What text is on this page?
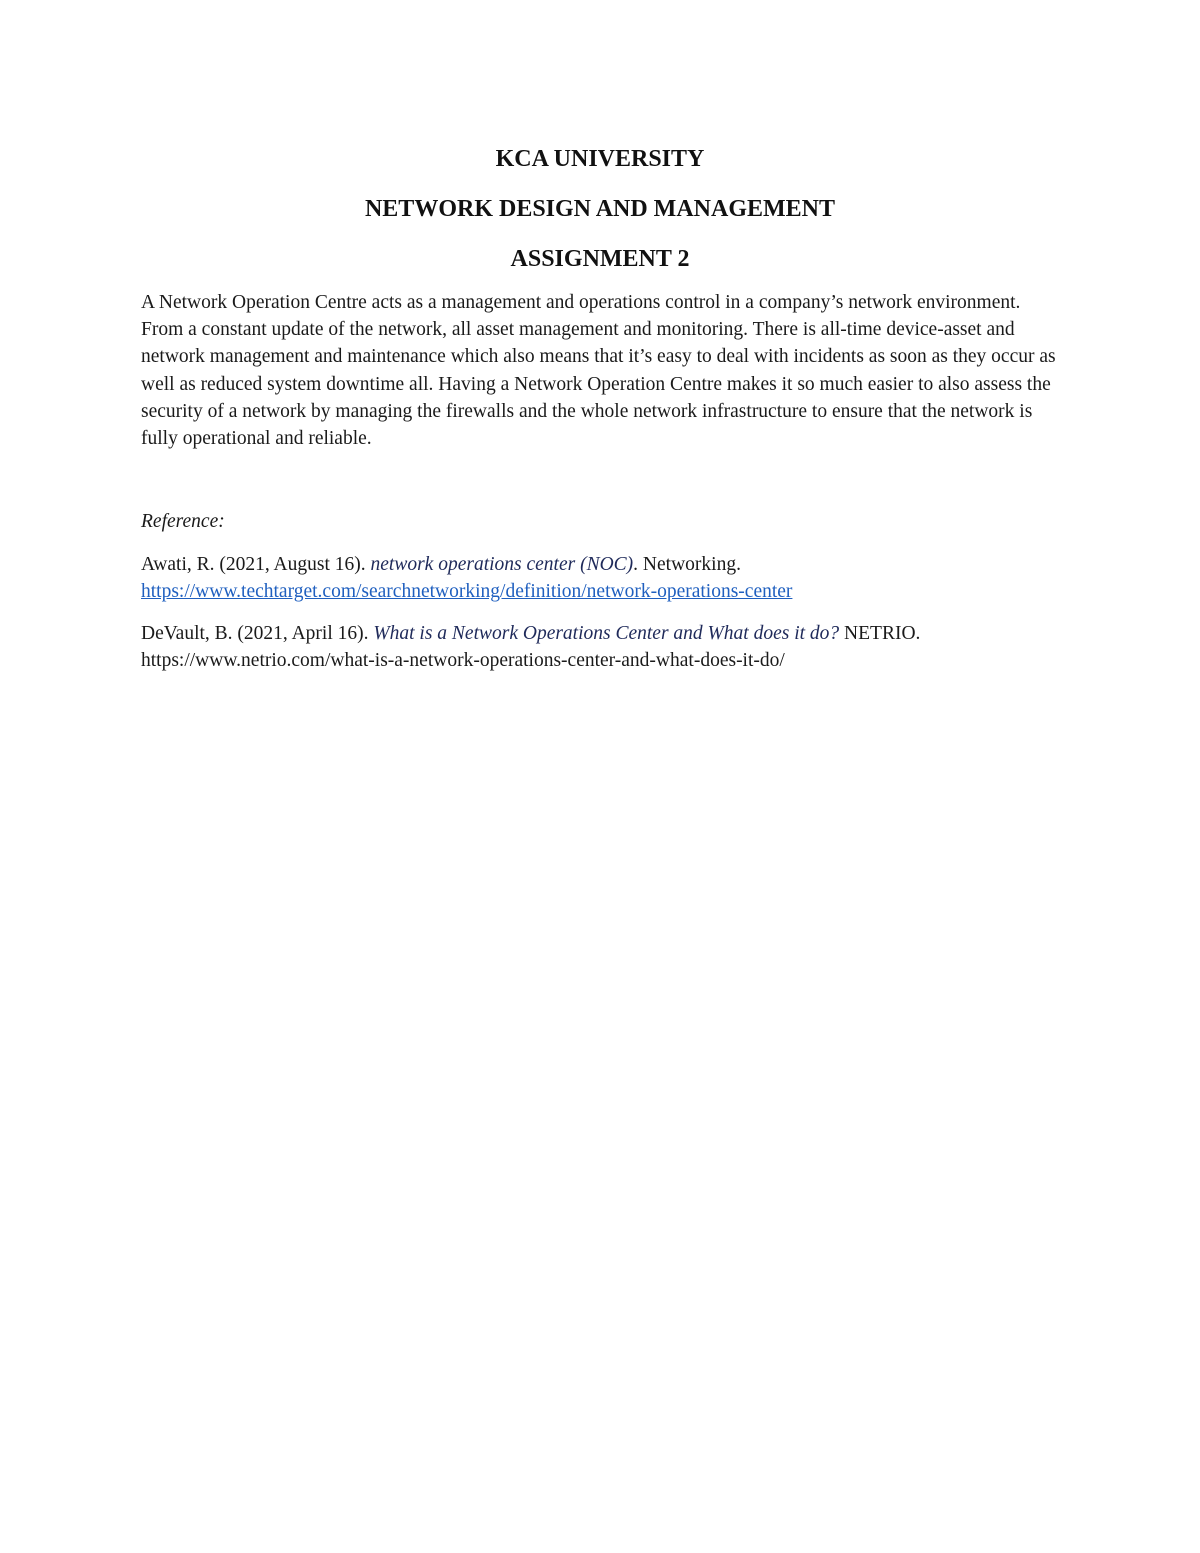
KCA UNIVERSITY
NETWORK DESIGN AND MANAGEMENT
ASSIGNMENT 2

A Network Operation Centre acts as a management and operations control in a company’s network environment. From a constant update of the network, all asset management and monitoring. There is all-time device-asset and network management and maintenance which also means that it’s easy to deal with incidents as soon as they occur as well as reduced system downtime all. Having a Network Operation Centre makes it so much easier to also assess the security of a network by managing the firewalls and the whole network infrastructure to ensure that the network is fully operational and reliable.

Reference:

Awati, R. (2021, August 16). network operations center (NOC). Networking.
https://www.techtarget.com/searchnetworking/definition/network-operations-center

DeVault, B. (2021, April 16). What is a Network Operations Center and What does it do? NETRIO.
https://www.netrio.com/what-is-a-network-operations-center-and-what-does-it-do/
